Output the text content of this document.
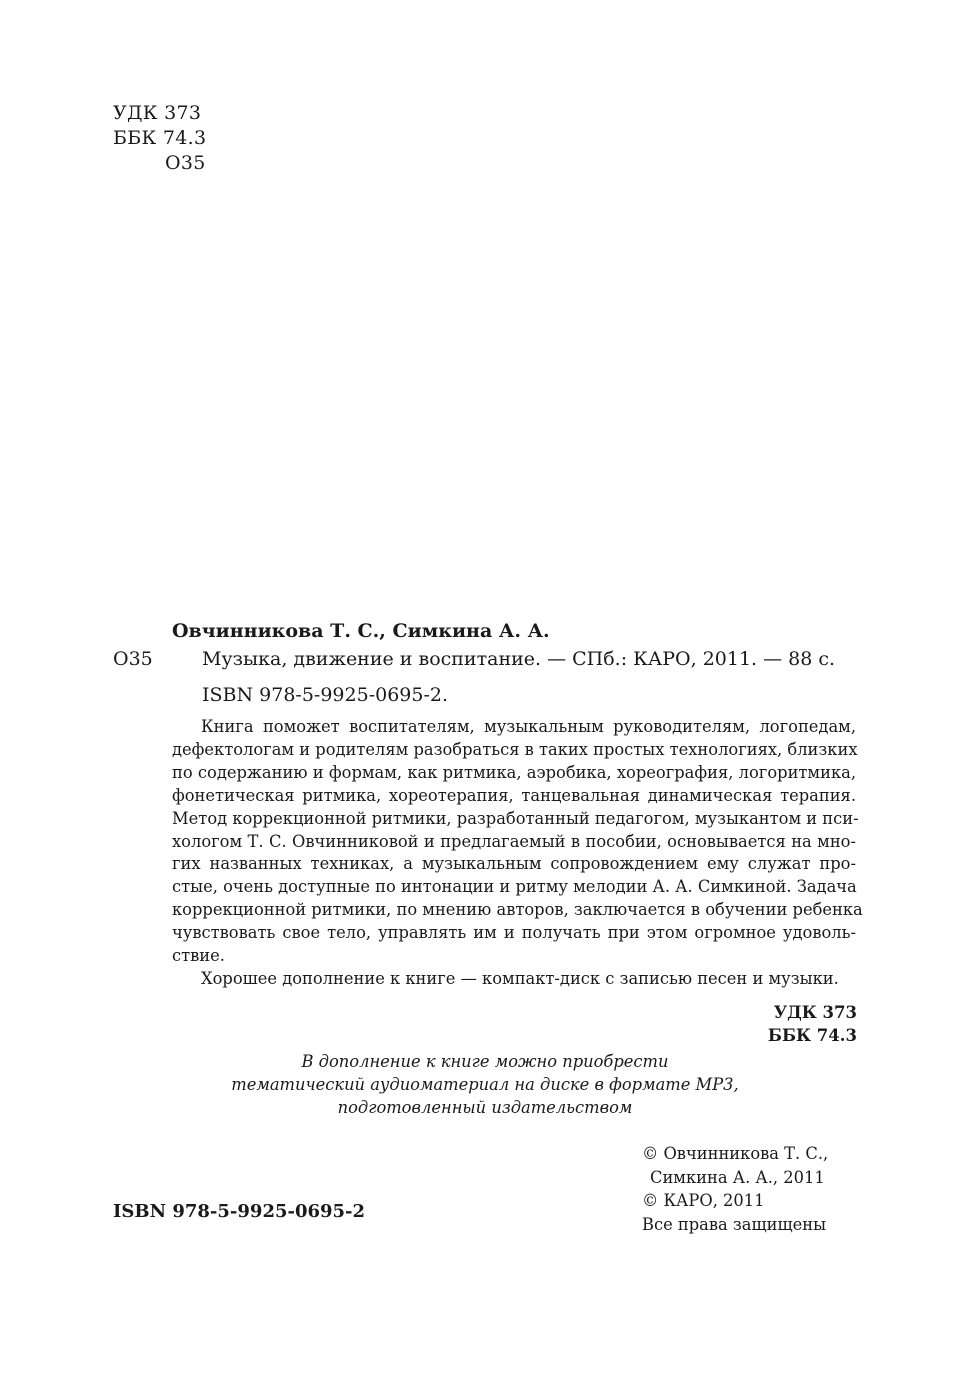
УДК 373
ББК 74.3
О35
Овчинникова Т. С., Симкина А. А.
О35	Музыка, движение и воспитание. — СПб.: КАРО, 2011. — 88 с.
ISBN 978-5-9925-0695-2.
Книга поможет воспитателям, музыкальным руководителям, логопедам,
дефектологам и родителям разобраться в таких простых технологиях, близких
по содержанию и формам, как ритмика, аэробика, хореография, логоритмика,
фонетическая ритмика, хореотерапия, танцевальная динамическая терапия.
Метод коррекционной ритмики, разработанный педагогом, музыкантом и пси-
хологом Т. С. Овчинниковой и предлагаемый в пособии, основывается на мно-
гих названных техниках, а музыкальным сопровождением ему служат про-
стые, очень доступные по интонации и ритму мелодии А. А. Симкиной. Задача
коррекционной ритмики, по мнению авторов, заключается в обучении ребенка
чувствовать свое тело, управлять им и получать при этом огромное удоволь-
ствие.
Хорошее дополнение к книге — компакт-диск с записью песен и музыки.
УДК 373
ББК 74.3
В дополнение к книге можно приобрести
тематический аудиоматериал на диске в формате МР3,
подготовленный издательством
© Овчинникова Т. С.,
Симкина А. А., 2011
© КАРО, 2011
Все права защищены
ISBN 978-5-9925-0695-2
